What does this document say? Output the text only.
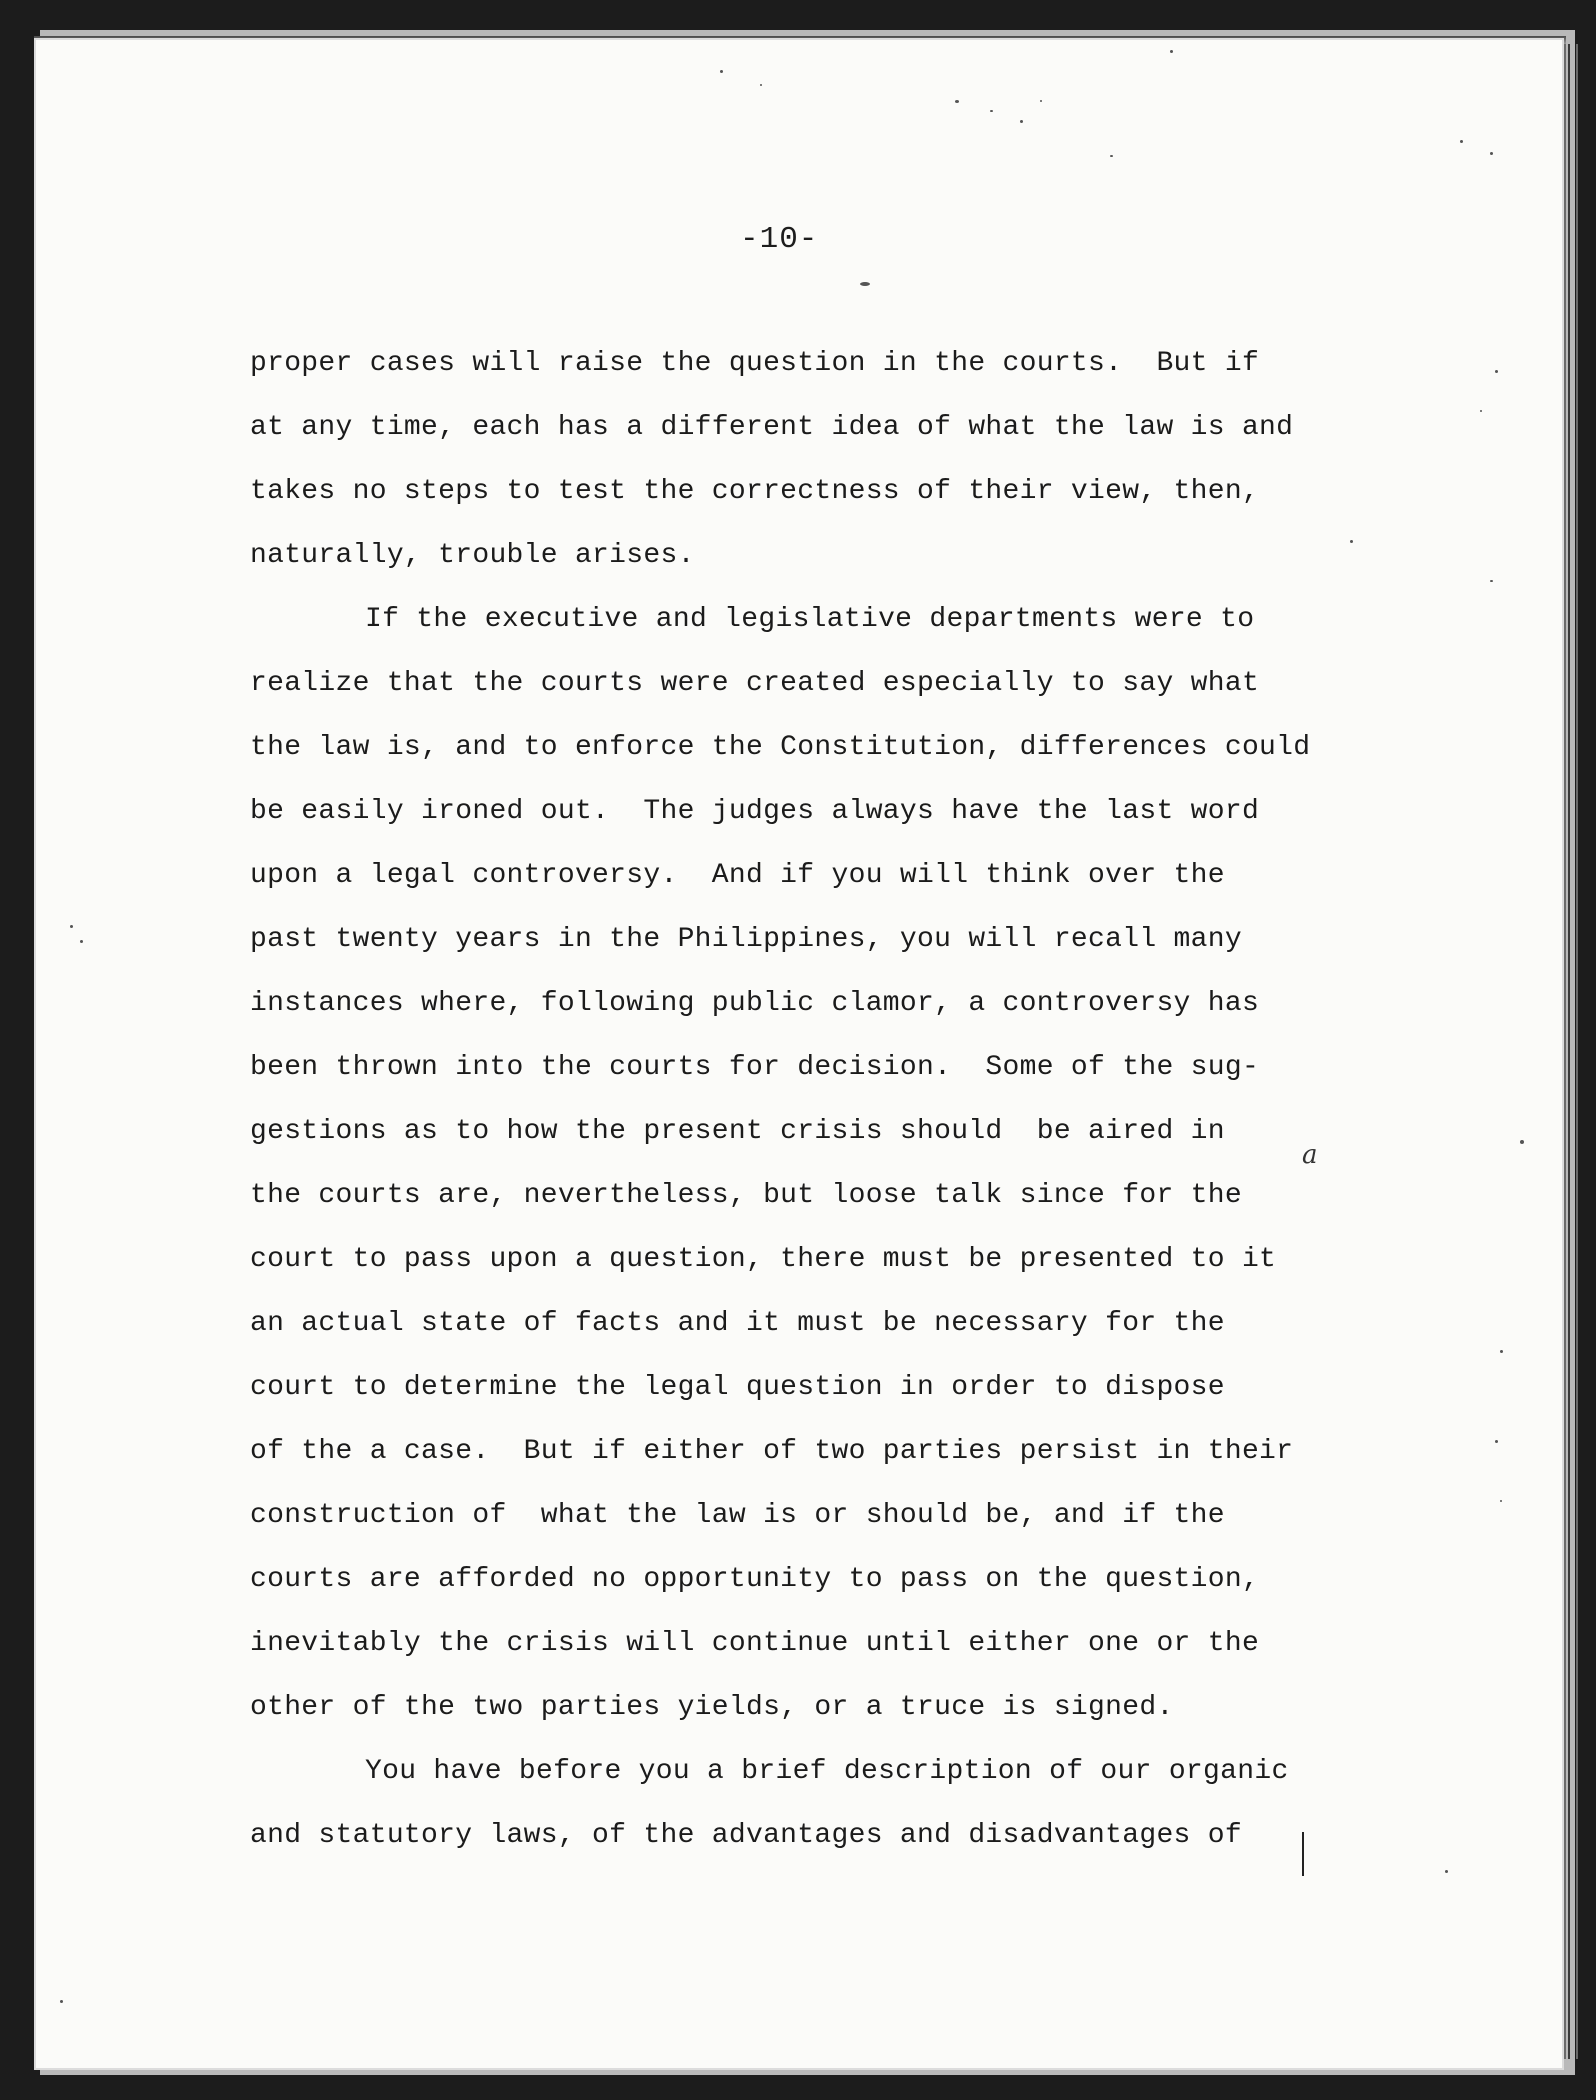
-10-
proper cases will raise the question in the courts.  But if
at any time, each has a different idea of what the law is and
takes no steps to test the correctness of their view, then,
naturally, trouble arises.
If the executive and legislative departments were to
realize that the courts were created especially to say what
the law is, and to enforce the Constitution, differences could
be easily ironed out.  The judges always have the last word
upon a legal controversy.  And if you will think over the
past twenty years in the Philippines, you will recall many
instances where, following public clamor, a controversy has
been thrown into the courts for decision.  Some of the sug-
gestions as to how the present crisis should  be aired in
the courts are, nevertheless, but loose talk since for the
court to pass upon a question, there must be presented to it
an actual state of facts and it must be necessary for the
court to determine the legal question in order to dispose
of the a case.  But if either of two parties persist in their
construction of  what the law is or should be, and if the
courts are afforded no opportunity to pass on the question,
inevitably the crisis will continue until either one or the
other of the two parties yields, or a truce is signed.
You have before you a brief description of our organic
and statutory laws, of the advantages and disadvantages of
a
